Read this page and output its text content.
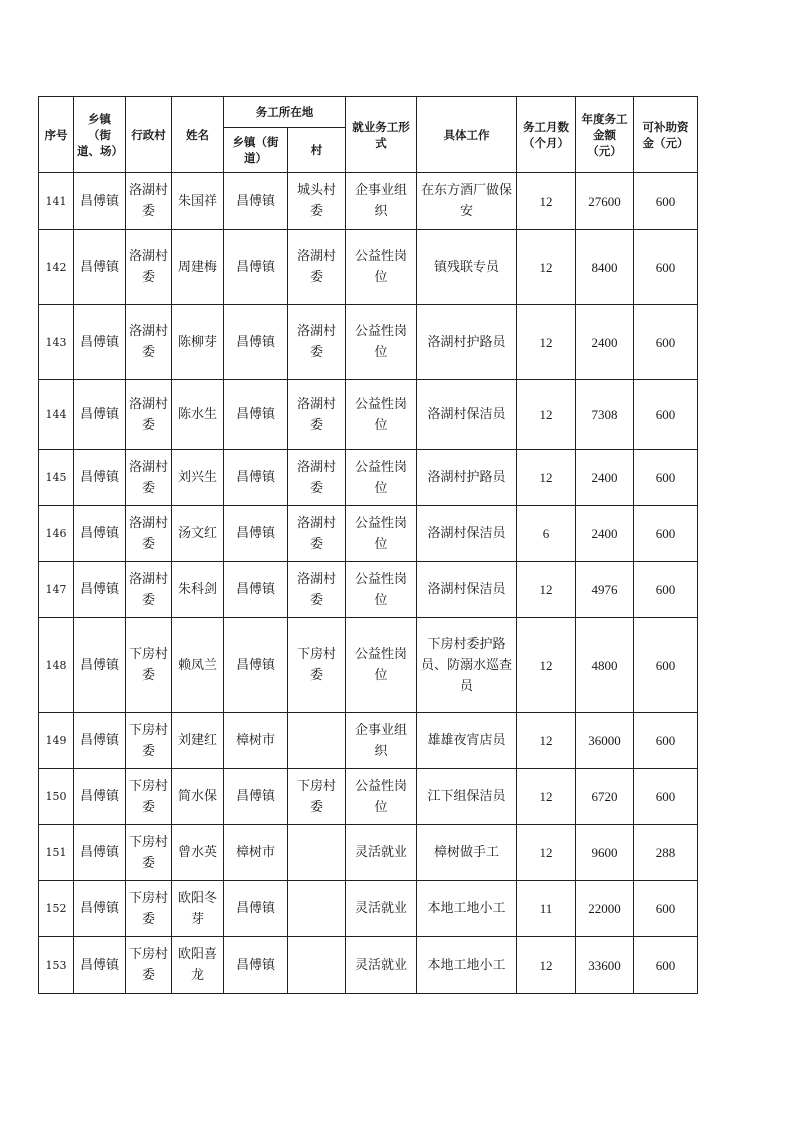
序号	乡镇（街道、场）	行政村	姓名	务工所在地		就业务工形式	具体工作	务工月数（个月）	年度务工金额（元）	可补助资金（元）
				乡镇（街道）	村					
141	昌傅镇	洛湖村委	朱国祥	昌傅镇	城头村委	企事业组织	在东方酒厂做保安	12	27600	600
142	昌傅镇	洛湖村委	周建梅	昌傅镇	洛湖村委	公益性岗位	镇残联专员	12	8400	600
143	昌傅镇	洛湖村委	陈柳芽	昌傅镇	洛湖村委	公益性岗位	洛湖村护路员	12	2400	600
144	昌傅镇	洛湖村委	陈水生	昌傅镇	洛湖村委	公益性岗位	洛湖村保洁员	12	7308	600
145	昌傅镇	洛湖村委	刘兴生	昌傅镇	洛湖村委	公益性岗位	洛湖村护路员	12	2400	600
146	昌傅镇	洛湖村委	汤文红	昌傅镇	洛湖村委	公益性岗位	洛湖村保洁员	6	2400	600
147	昌傅镇	洛湖村委	朱科剑	昌傅镇	洛湖村委	公益性岗位	洛湖村保洁员	12	4976	600
148	昌傅镇	下房村委	赖凤兰	昌傅镇	下房村委	公益性岗位	下房村委护路员、防溺水巡查员	12	4800	600
149	昌傅镇	下房村委	刘建红	樟树市		企事业组织	雄雄夜宵店员	12	36000	600
150	昌傅镇	下房村委	简水保	昌傅镇	下房村委	公益性岗位	江下组保洁员	12	6720	600
151	昌傅镇	下房村委	曾水英	樟树市		灵活就业	樟树做手工	12	9600	288
152	昌傅镇	下房村委	欧阳冬芽	昌傅镇		灵活就业	本地工地小工	11	22000	600
153	昌傅镇	下房村委	欧阳喜龙	昌傅镇		灵活就业	本地工地小工	12	33600	600
